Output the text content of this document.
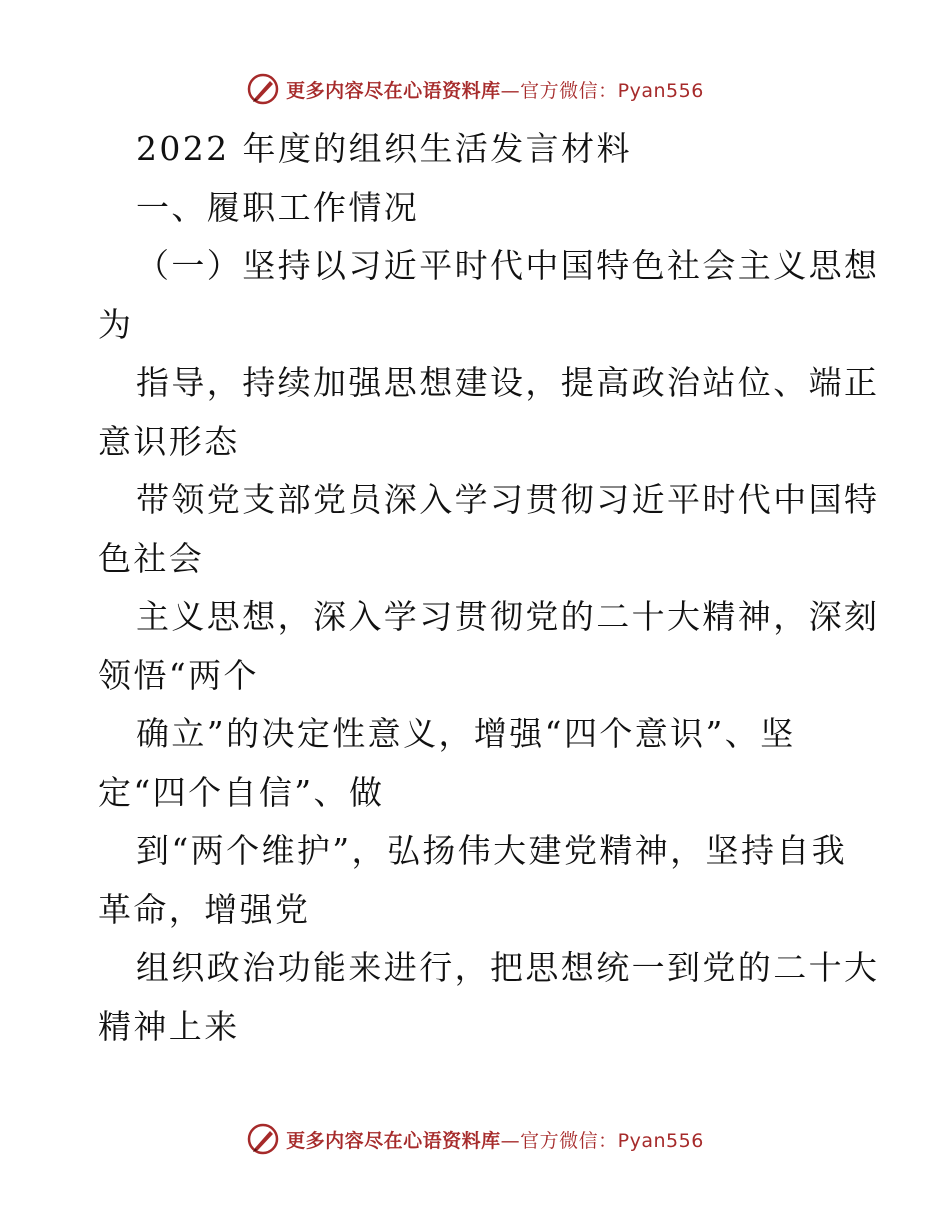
更多内容尽在心语资料库—官方微信：Pyan556
2022 年度的组织生活发言材料
一、履职工作情况
（一）坚持以习近平时代中国特色社会主义思想
为
指导，持续加强思想建设，提高政治站位、端正
意识形态
带领党支部党员深入学习贯彻习近平时代中国特
色社会
主义思想，深入学习贯彻党的二十大精神，深刻
领悟“两个
确立”的决定性意义，增强“四个意识”、坚
定“四个自信”、做
到“两个维护”，弘扬伟大建党精神，坚持自我
革命，增强党
组织政治功能来进行，把思想统一到党的二十大
精神上来
更多内容尽在心语资料库—官方微信：Pyan556
